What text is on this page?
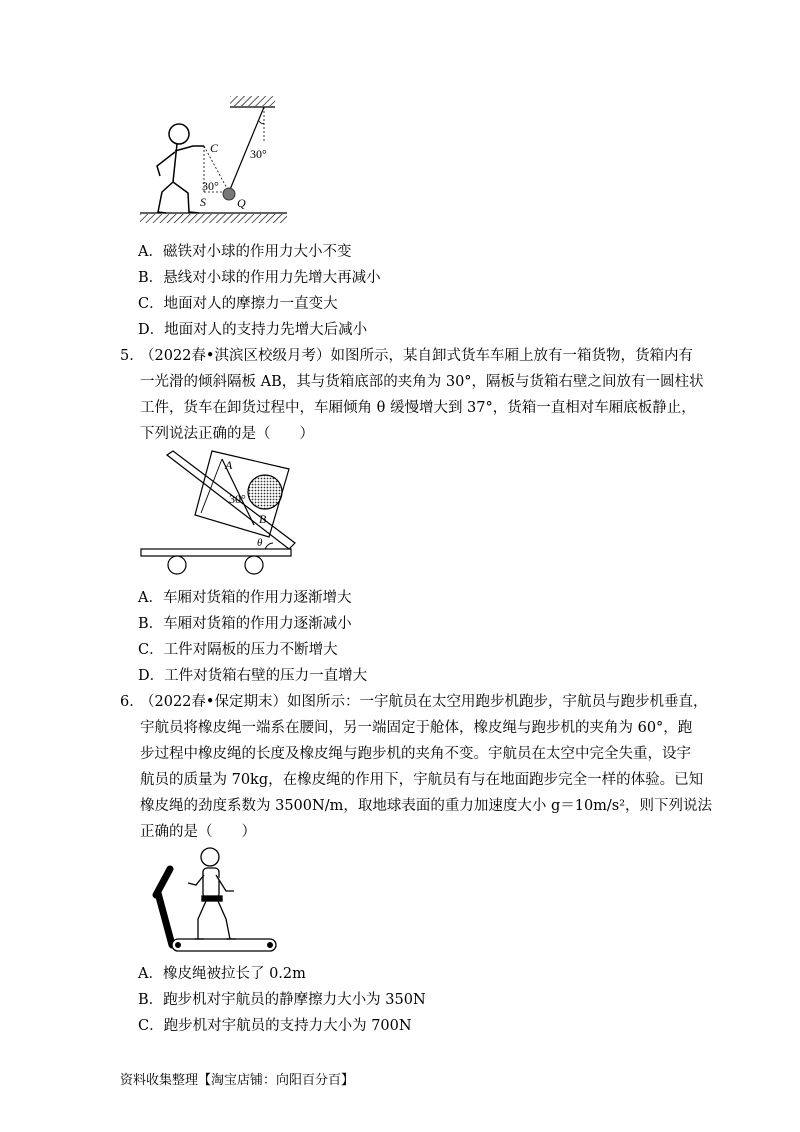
30°
C
30°
S	Q
A．磁铁对小球的作用力大小不变
B．悬线对小球的作用力先增大再减小
C．地面对人的摩擦力一直变大
D．地面对人的支持力先增大后减小
5．
（2022春•淇滨区校级月考）如图所示，某自卸式货车车厢上放有一箱货物，货箱内有
一光滑的倾斜隔板 AB，其与货箱底部的夹角为 30°，隔板与货箱右壁之间放有一圆柱状
工件，货车在卸货过程中，车厢倾角 θ 缓慢增大到 37°，货箱一直相对车厢底板静止，
下列说法正确的是（　　）
θ
A
B
30°
A．车厢对货箱的作用力逐渐增大
B．车厢对货箱的作用力逐渐减小
C．工件对隔板的压力不断增大
D．工件对货箱右壁的压力一直增大
6．
（2022春•保定期末）如图所示：一宇航员在太空用跑步机跑步，宇航员与跑步机垂直，
宇航员将橡皮绳一端系在腰间，另一端固定于舱体，橡皮绳与跑步机的夹角为 60°，跑
步过程中橡皮绳的长度及橡皮绳与跑步机的夹角不变。宇航员在太空中完全失重，设宇
航员的质量为 70kg，在橡皮绳的作用下，宇航员有与在地面跑步完全一样的体验。已知
橡皮绳的劲度系数为 3500N/m，取地球表面的重力加速度大小 g＝10m/s²，则下列说法
正确的是（　　）
A．橡皮绳被拉长了 0.2m
B．跑步机对宇航员的静摩擦力大小为 350N
C．跑步机对宇航员的支持力大小为 700N
资料收集整理【淘宝店铺：向阳百分百】
